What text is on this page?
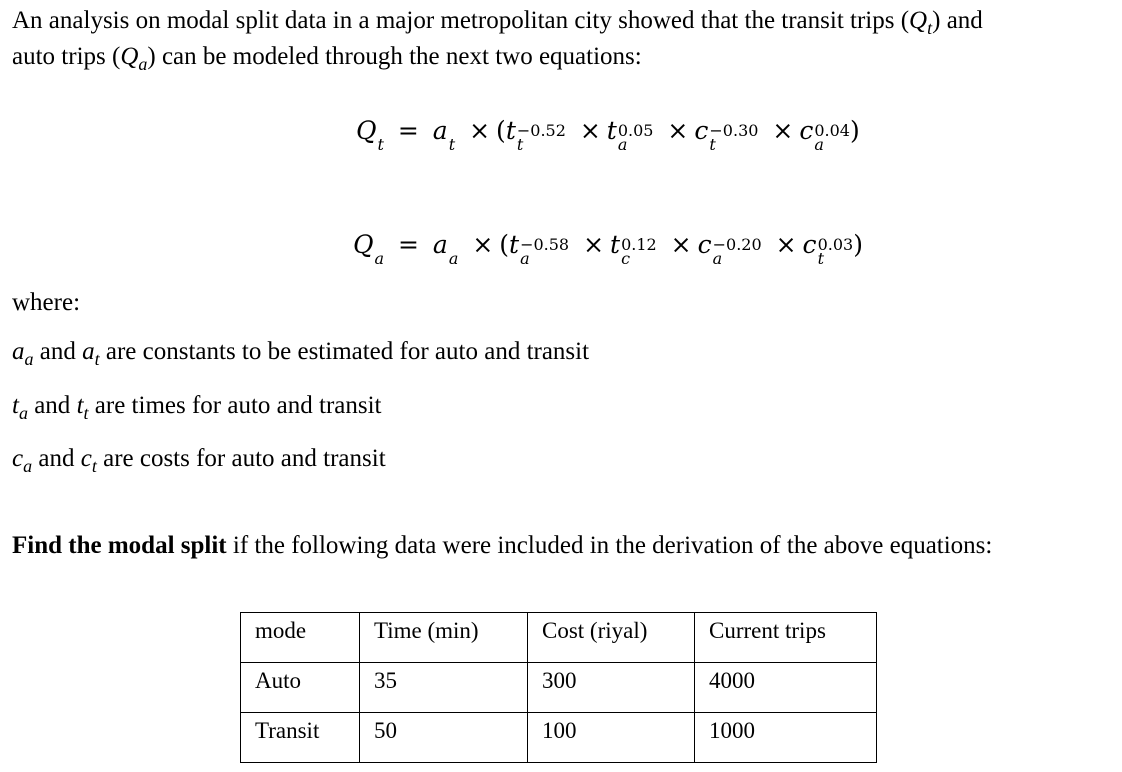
An analysis on modal split data in a major metropolitan city showed that the transit trips $(Q_t)$ and
auto trips $(Q_a)$ can be modeled through the next two equations:
Q t = a t × (t −0.52
t	× t 0.05
a	× c −0.30
t	× c 0.04
a	)
Q a = a a × (t −0.58
a	× t 0.12
c	× c −0.20
a	× c 0.03
t	)
where:
$a_a$ and $a_t$ are constants to be estimated for auto and transit
$t_a$ and $t_t$ are times for auto and transit
$c_a$ and $c_t$ are costs for auto and transit
Find the modal split if the following data were included in the derivation of the above equations:
mode	Time (min)	Cost (riyal)	Current trips
Auto	35	300	4000
Transit	50	100	1000
